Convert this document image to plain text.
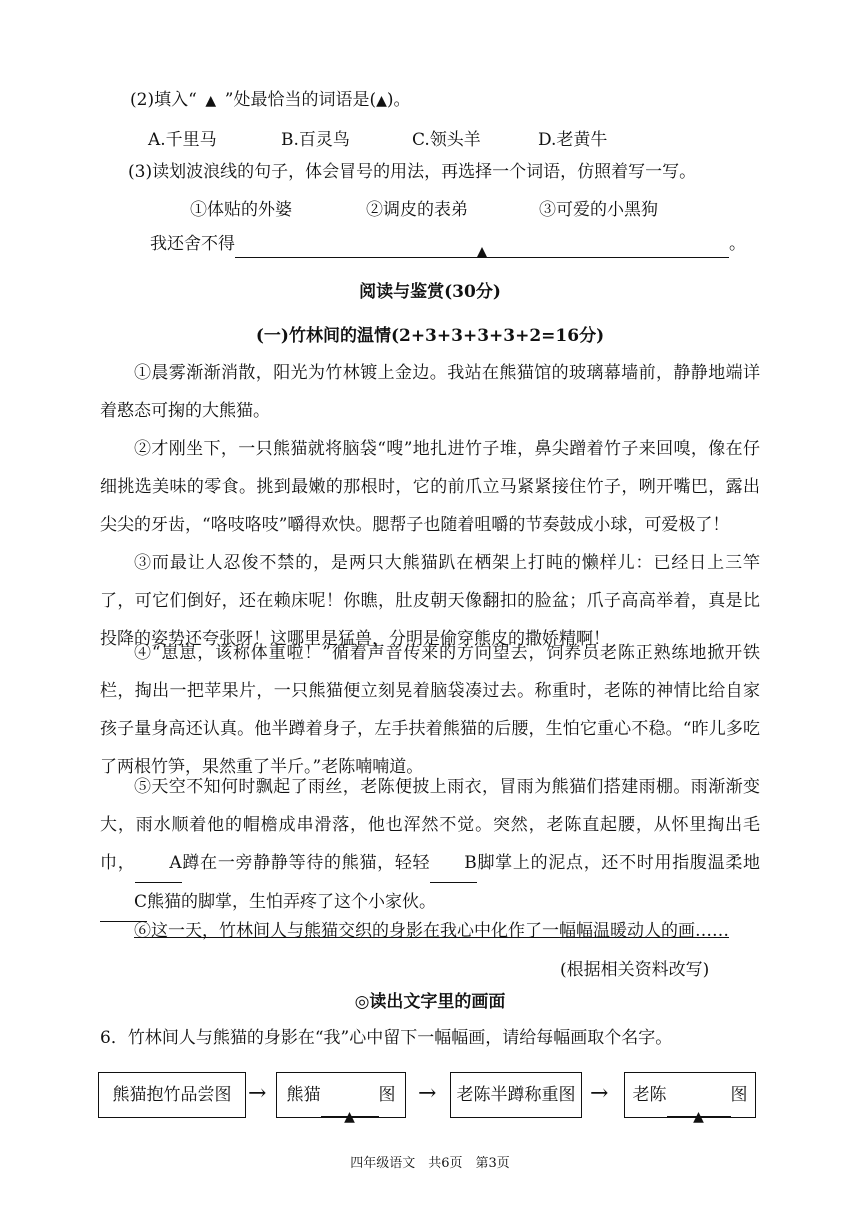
(2)填入“ ▲ ”处最恰当的词语是(▲)。
A.千里马	B.百灵鸟	C.领头羊	D.老黄牛
(3)读划波浪线的句子，体会冒号的用法，再选择一个词语，仿照着写一写。
①体贴的外婆	②调皮的表弟	③可爱的小黑狗
我还舍不得	▲	。
阅读与鉴赏(30分)
(一)竹林间的温情(2+3+3+3+3+2=16分)

①晨雾渐渐消散，阳光为竹林镀上金边。我站在熊猫馆的玻璃幕墙前，静静地端详着憨态可掬的大熊猫。

②才刚坐下，一只熊猫就将脑袋“嗖”地扎进竹子堆，鼻尖蹭着竹子来回嗅，像在仔细挑选美味的零食。挑到最嫩的那根时，它的前爪立马紧紧接住竹子，咧开嘴巴，露出尖尖的牙齿，“咯吱咯吱”嚼得欢快。腮帮子也随着咀嚼的节奏鼓成小球，可爱极了！

③而最让人忍俊不禁的，是两只大熊猫趴在栖架上打盹的懒样儿：已经日上三竿了，可它们倒好，还在赖床呢！你瞧，肚皮朝天像翻扣的脸盆；爪子高高举着，真是比投降的姿势还夸张呀！这哪里是猛兽，分明是偷穿熊皮的撒娇精啊！

④“崽崽，该称体重啦！”循着声音传来的方向望去，饲养员老陈正熟练地掀开铁栏，掏出一把苹果片，一只熊猫便立刻晃着脑袋凑过去。称重时，老陈的神情比给自家孩子量身高还认真。他半蹲着身子，左手扶着熊猫的后腰，生怕它重心不稳。“昨儿多吃了两根竹笋，果然重了半斤。”老陈喃喃道。

⑤天空不知何时飘起了雨丝，老陈便披上雨衣，冒雨为熊猫们搭建雨棚。雨渐渐变大，雨水顺着他的帽檐成串滑落，他也浑然不觉。突然，老陈直起腰，从怀里掏出毛巾， A蹲在一旁静静等待的熊猫，轻轻 B脚掌上的泥点，还不时用指腹温柔地C熊猫的脚掌，生怕弄疼了这个小家伙。

⑥这一天，竹林间人与熊猫交织的身影在我心中化作了一幅幅温暖动人的画……

(根据相关资料改写)
◎读出文字里的画面
6．竹林间人与熊猫的身影在“我”心中留下一幅幅画，请给每幅画取个名字。
熊猫抱竹品尝图 →	熊猫▲图	→	老陈半蹲称重图 →	老陈▲图
四年级语文　共6页　第3页
